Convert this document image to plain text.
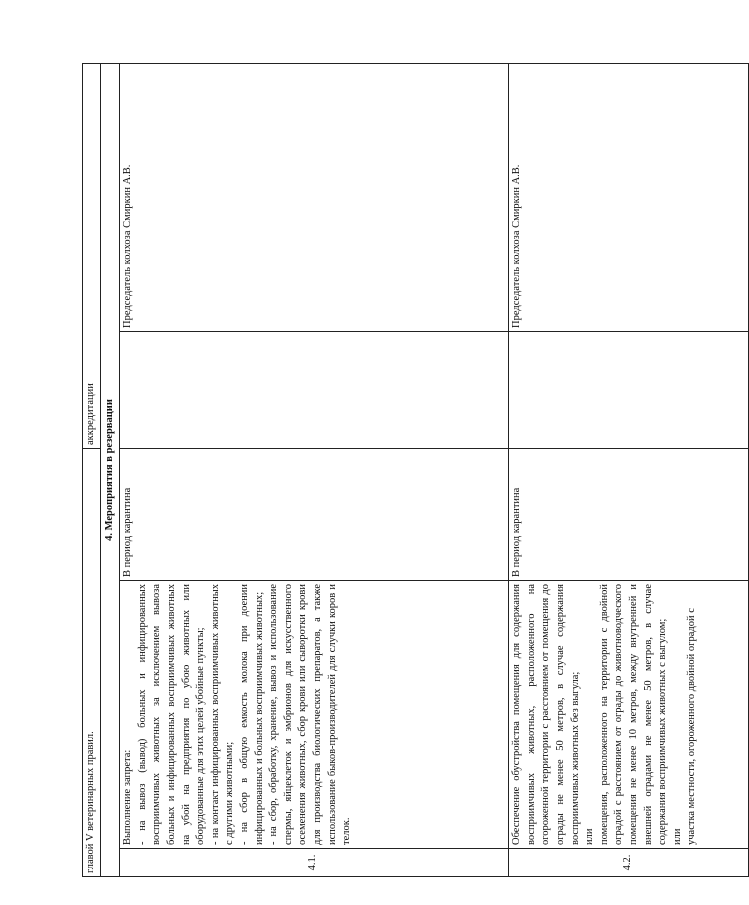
главой V ветеринарных правил.			аккредитации	
4. Мероприятия в резервации				
4.1.	Выполнение запрета: - на вывоз (вывод) больных и инфицированных восприимчивых животных за исключением вывоза больных и инфицированных восприимчивых животных на убой на предприятия по убою животных или оборудованные для этих целей убойные пункты; - на контакт инфицированных восприимчивых животных с другими животными; - на сбор в общую емкость молока при доении инфицированных и больных восприимчивых животных; - на сбор, обработку, хранение, вывоз и использование спермы, яйцеклеток и эмбрионов для искусственного осеменения животных, сбор крови или сыворотки крови для производства биологических препаратов, а также использование быков-производителей для случки коров и телок.	В период карантина		Председатель колхоза Смиркин А.В.
4.2.	Обеспечение обустройства помещения для содержания восприимчивых животных, расположенного на огороженной территории с расстоянием от помещения до ограды не менее 50 метров, в случае содержания восприимчивых животных без выгула; или помещения, расположенного на территории с двойной оградой с расстоянием от ограды до животноводческого помещения не менее 10 метров, между внутренней и внешней оградами не менее 50 метров, в случае содержания восприимчивых животных с выгулом; или участка местности, огороженного двойной оградой с	В период карантина		Председатель колхоза Смиркин А.В.
